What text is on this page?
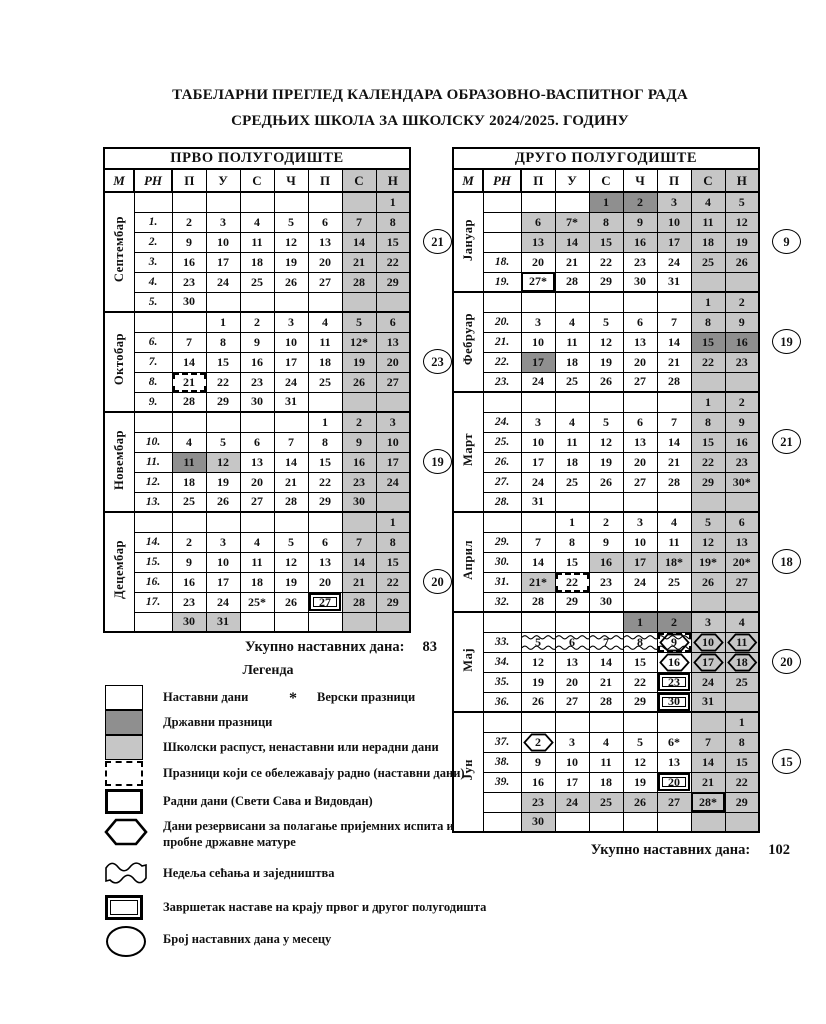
ТАБЕЛАРНИ ПРЕГЛЕД КАЛЕНДАРА ОБРАЗОВНО-ВАСПИТНОГ РАДА
СРЕДЊИХ ШКОЛА ЗА ШКОЛСКУ 2024/2025. ГОДИНУ
ПРВО ПОЛУГОДИШТЕ								
М	РН	П	У	С	Ч	П	С	Н
Септембар								1
	1.	2	3	4	5	6	7	8
	2.	9	10	11	12	13	14	15
	3.	16	17	18	19	20	21	22
	4.	23	24	25	26	27	28	29
	5.	30						
Октобар			1	2	3	4	5	6
	6.	7	8	9	10	11	12*	13
	7.	14	15	16	17	18	19	20
	8.	21	22	23	24	25	26	27
	9.	28	29	30	31			
Новембар						1	2	3
	10.	4	5	6	7	8	9	10
	11.	11	12	13	14	15	16	17
	12.	18	19	20	21	22	23	24
	13.	25	26	27	28	29	30	
Децембар								1
	14.	2	3	4	5	6	7	8
	15.	9	10	11	12	13	14	15
	16.	16	17	18	19	20	21	22
	17.	23	24	25*	26	27	28	29
		30	31					
ДРУГО ПОЛУГОДИШТЕ								
М	РН	П	У	С	Ч	П	С	Н
Јануар				1	2	3	4	5
		6	7*	8	9	10	11	12
		13	14	15	16	17	18	19
	18.	20	21	22	23	24	25	26
	19.	27*	28	29	30	31		
Фебруар							1	2
	20.	3	4	5	6	7	8	9
	21.	10	11	12	13	14	15	16
	22.	17	18	19	20	21	22	23
	23.	24	25	26	27	28		
Март							1	2
	24.	3	4	5	6	7	8	9
	25.	10	11	12	13	14	15	16
	26.	17	18	19	20	21	22	23
	27.	24	25	26	27	28	29	30*
	28.	31						
Април			1	2	3	4	5	6
	29.	7	8	9	10	11	12	13
	30.	14	15	16	17	18*	19*	20*
	31.	21*	22	23	24	25	26	27
	32.	28	29	30				
Мај					1	2	3	4
	33.	5	6	7	8	9	10	11
	34.	12	13	14	15	16	17	18
	35.	19	20	21	22	23	24	25
	36.	26	27	28	29	30	31	
Јун								1
	37.	2	3	4	5	6*	7	8
	38.	9	10	11	12	13	14	15
	39.	16	17	18	19	20	21	22
		23	24	25	26	27	28*	29
		30						
21
23
19
20
9
19
21
18
20
15
Укупно наставних дана: 83
Укупно наставних дана: 102
Легенда
Наставни дани	* Верски празници
Државни празници
Школски распуст, ненаставни или нерадни дани
Празници који се обележавају радно (наставни дани)
Радни дани (Свети Сава и Видовдан)
Дани резервисани за полагање пријемних испита и пробне државне матуре
Недеља сећања и заједништва
Завршетак наставе на крају првог и другог полугодишта
Број наставних дана у месецу
